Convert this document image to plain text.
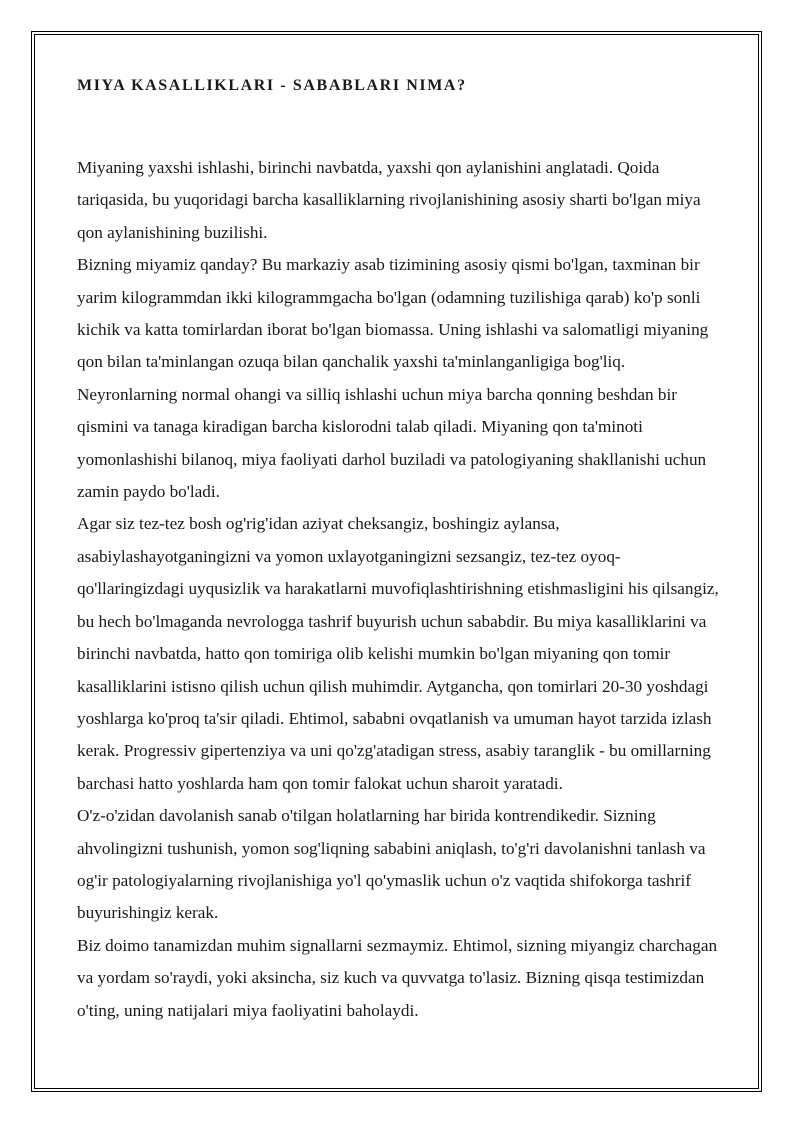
MIYA KASALLIKLARI - SABABLARI NIMA?

Miyaning yaxshi ishlashi, birinchi navbatda, yaxshi qon aylanishini anglatadi. Qoida tariqasida, bu yuqoridagi barcha kasalliklarning rivojlanishining asosiy sharti bo'lgan miya qon aylanishining buzilishi.

Bizning miyamiz qanday? Bu markaziy asab tizimining asosiy qismi bo'lgan, taxminan bir yarim kilogrammdan ikki kilogrammgacha bo'lgan (odamning tuzilishiga qarab) ko'p sonli kichik va katta tomirlardan iborat bo'lgan biomassa. Uning ishlashi va salomatligi miyaning qon bilan ta'minlangan ozuqa bilan qanchalik yaxshi ta'minlanganligiga bog'liq. Neyronlarning normal ohangi va silliq ishlashi uchun miya barcha qonning beshdan bir qismini va tanaga kiradigan barcha kislorodni talab qiladi. Miyaning qon ta'minoti yomonlashishi bilanoq, miya faoliyati darhol buziladi va patologiyaning shakllanishi uchun zamin paydo bo'ladi.

Agar siz tez-tez bosh og'rig'idan aziyat cheksangiz, boshingiz aylansa, asabiylashayotganingizni va yomon uxlayotganingizni sezsangiz, tez-tez oyoq-qo'llaringizdagi uyqusizlik va harakatlarni muvofiqlashtirishning etishmasligini his qilsangiz, bu hech bo'lmaganda nevrologga tashrif buyurish uchun sababdir. Bu miya kasalliklarini va birinchi navbatda, hatto qon tomiriga olib kelishi mumkin bo'lgan miyaning qon tomir kasalliklarini istisno qilish uchun qilish muhimdir. Aytgancha, qon tomirlari 20-30 yoshdagi yoshlarga ko'proq ta'sir qiladi. Ehtimol, sababni ovqatlanish va umuman hayot tarzida izlash kerak. Progressiv gipertenziya va uni qo'zg'atadigan stress, asabiy taranglik - bu omillarning barchasi hatto yoshlarda ham qon tomir falokat uchun sharoit yaratadi.

O'z-o'zidan davolanish sanab o'tilgan holatlarning har birida kontrendikedir. Sizning ahvolingizni tushunish, yomon sog'liqning sababini aniqlash, to'g'ri davolanishni tanlash va og'ir patologiyalarning rivojlanishiga yo'l qo'ymaslik uchun o'z vaqtida shifokorga tashrif buyurishingiz kerak.

Biz doimo tanamizdan muhim signallarni sezmaymiz. Ehtimol, sizning miyangiz charchagan va yordam so'raydi, yoki aksincha, siz kuch va quvvatga to'lasiz. Bizning qisqa testimizdan o'ting, uning natijalari miya faoliyatini baholaydi.
